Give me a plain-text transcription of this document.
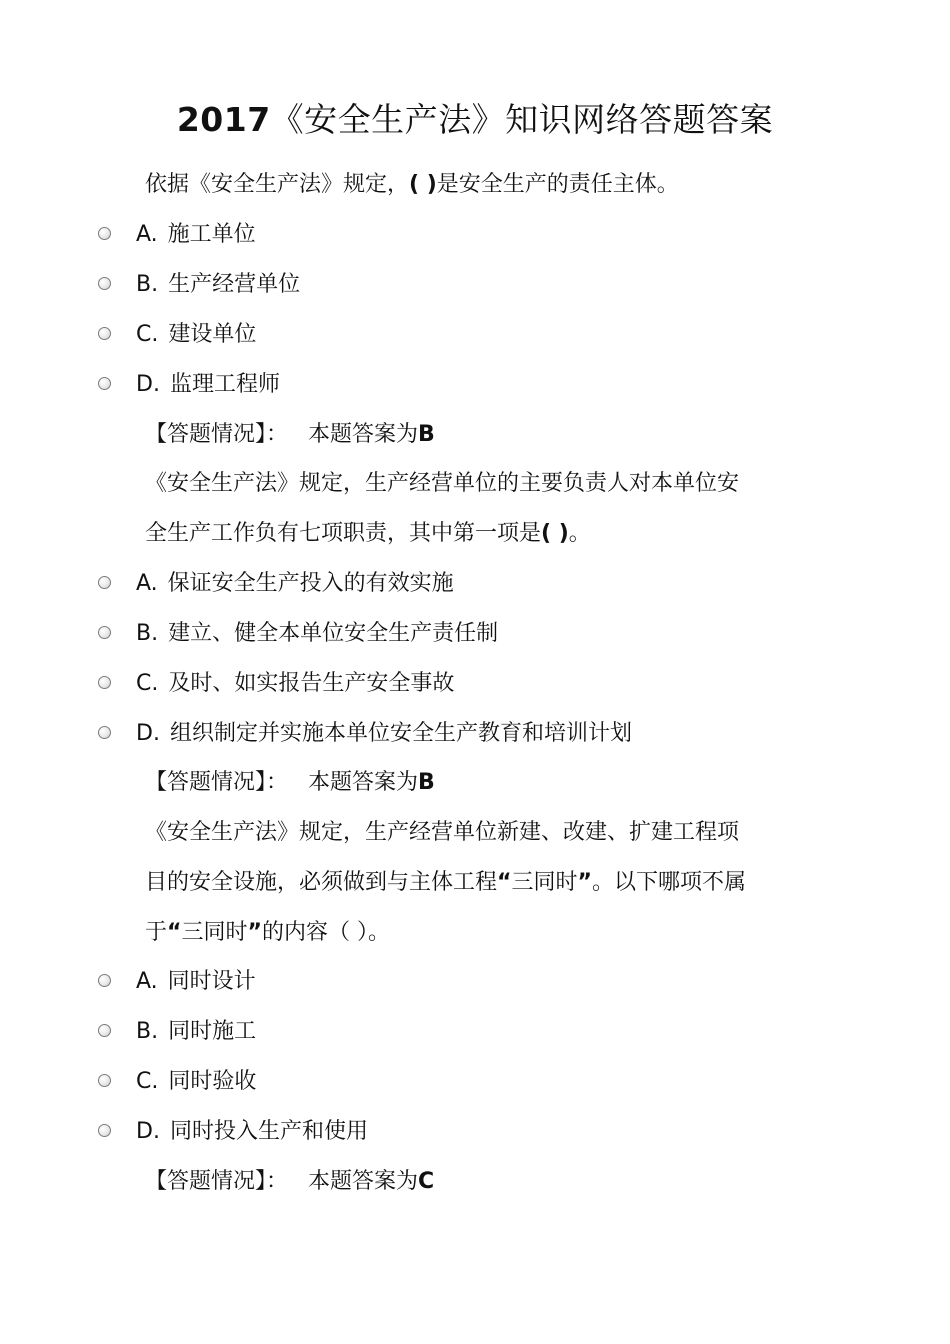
2017《安全生产法》知识网络答题答案
依据《安全生产法》规定，( )是安全生产的责任主体。
A. 施工单位
B. 生产经营单位
C. 建设单位
D. 监理工程师
【答题情况】： 本题答案为B
《安全生产法》规定，生产经营单位的主要负责人对本单位安
全生产工作负有七项职责，其中第一项是( )。
A. 保证安全生产投入的有效实施
B. 建立、健全本单位安全生产责任制
C. 及时、如实报告生产安全事故
D. 组织制定并实施本单位安全生产教育和培训计划
【答题情况】： 本题答案为B
《安全生产法》规定，生产经营单位新建、改建、扩建工程项
目的安全设施，必须做到与主体工程“三同时”。以下哪项不属
于“三同时”的内容（ ）。
A. 同时设计
B. 同时施工
C. 同时验收
D. 同时投入生产和使用
【答题情况】： 本题答案为C
